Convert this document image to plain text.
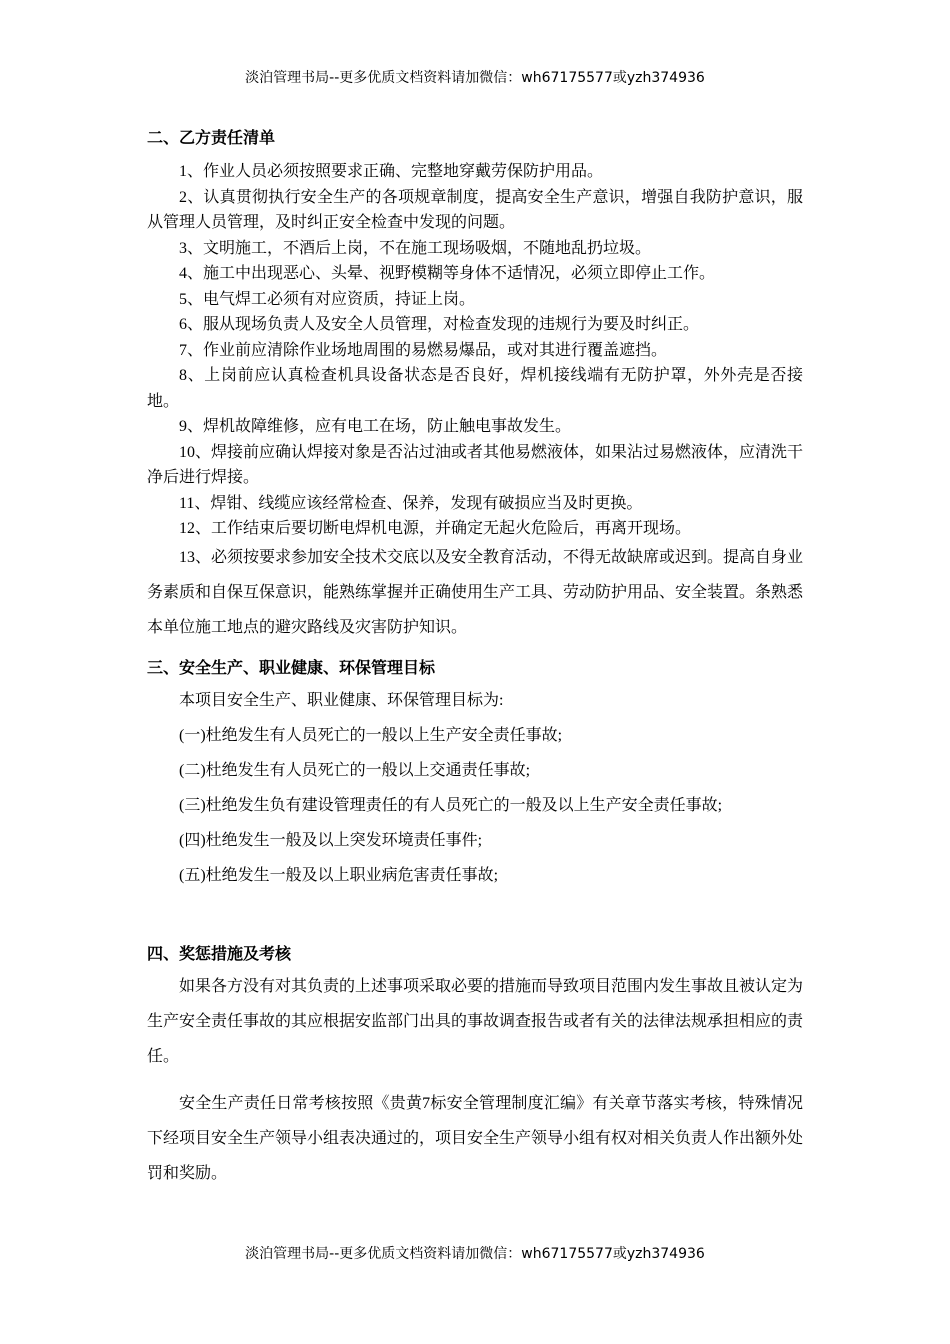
淡泊管理书局--更多优质文档资料请加微信：wh67175577或yzh374936

二、乙方责任清单

1、作业人员必须按照要求正确、完整地穿戴劳保防护用品。

2、认真贯彻执行安全生产的各项规章制度，提高安全生产意识，增强自我防护意识，服从管理人员管理，及时纠正安全检查中发现的问题。

3、文明施工，不酒后上岗，不在施工现场吸烟，不随地乱扔垃圾。

4、施工中出现恶心、头晕、视野模糊等身体不适情况，必须立即停止工作。

5、电气焊工必须有对应资质，持证上岗。

6、服从现场负责人及安全人员管理，对检查发现的违规行为要及时纠正。

7、作业前应清除作业场地周围的易燃易爆品，或对其进行覆盖遮挡。

8、上岗前应认真检查机具设备状态是否良好，焊机接线端有无防护罩，外外壳是否接地。

9、焊机故障维修，应有电工在场，防止触电事故发生。

10、焊接前应确认焊接对象是否沾过油或者其他易燃液体，如果沾过易燃液体，应清洗干净后进行焊接。

11、焊钳、线缆应该经常检查、保养，发现有破损应当及时更换。

12、工作结束后要切断电焊机电源，并确定无起火危险后，再离开现场。

13、必须按要求参加安全技术交底以及安全教育活动，不得无故缺席或迟到。提高自身业务素质和自保互保意识，能熟练掌握并正确使用生产工具、劳动防护用品、安全装置。条熟悉本单位施工地点的避灾路线及灾害防护知识。

三、安全生产、职业健康、环保管理目标

本项目安全生产、职业健康、环保管理目标为:

(一)杜绝发生有人员死亡的一般以上生产安全责任事故;

(二)杜绝发生有人员死亡的一般以上交通责任事故;

(三)杜绝发生负有建设管理责任的有人员死亡的一般及以上生产安全责任事故;

(四)杜绝发生一般及以上突发环境责任事件;

(五)杜绝发生一般及以上职业病危害责任事故;

四、奖惩措施及考核

如果各方没有对其负责的上述事项采取必要的措施而导致项目范围内发生事故且被认定为生产安全责任事故的其应根据安监部门出具的事故调查报告或者有关的法律法规承担相应的责任。

安全生产责任日常考核按照《贵黄7标安全管理制度汇编》有关章节落实考核，特殊情况下经项目安全生产领导小组表决通过的，项目安全生产领导小组有权对相关负责人作出额外处罚和奖励。

淡泊管理书局--更多优质文档资料请加微信：wh67175577或yzh374936
